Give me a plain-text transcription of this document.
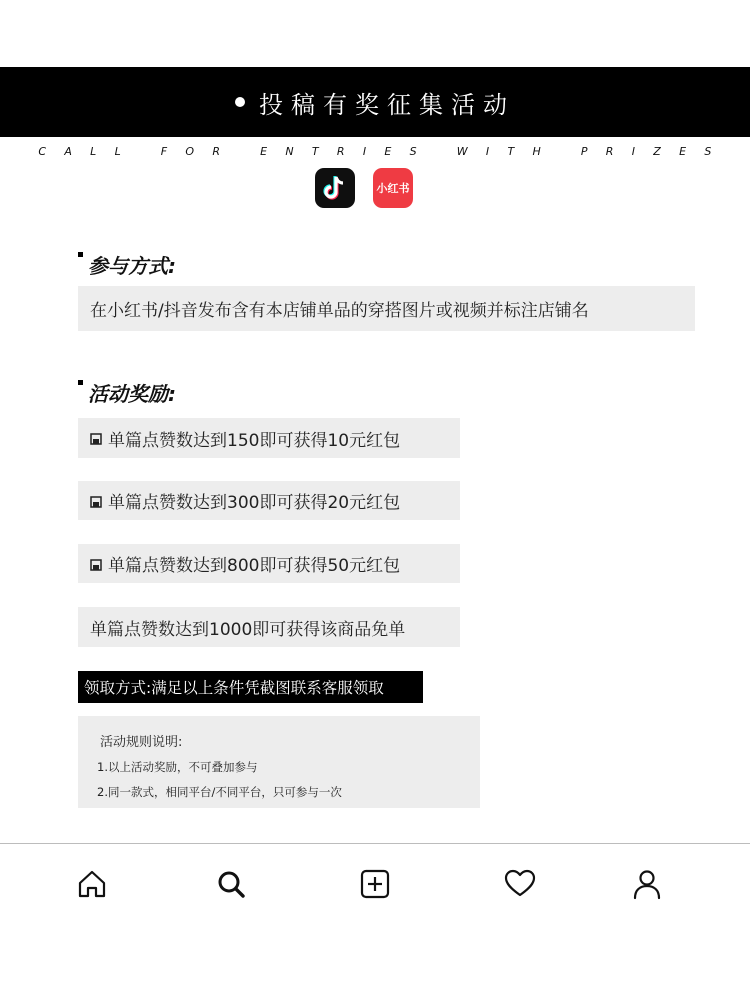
投稿有奖征集活动
CALL FOR ENTRIES WITH PRIZES
小红书
参与方式:
在小红书/抖音发布含有本店铺单品的穿搭图片或视频并标注店铺名
活动奖励:
单篇点赞数达到150即可获得10元红包
单篇点赞数达到300即可获得20元红包
单篇点赞数达到800即可获得50元红包
单篇点赞数达到1000即可获得该商品免单
领取方式:满足以上条件凭截图联系客服领取
活动规则说明:
1.以上活动奖励，不可叠加参与
2.同一款式，相同平台/不同平台，只可参与一次
